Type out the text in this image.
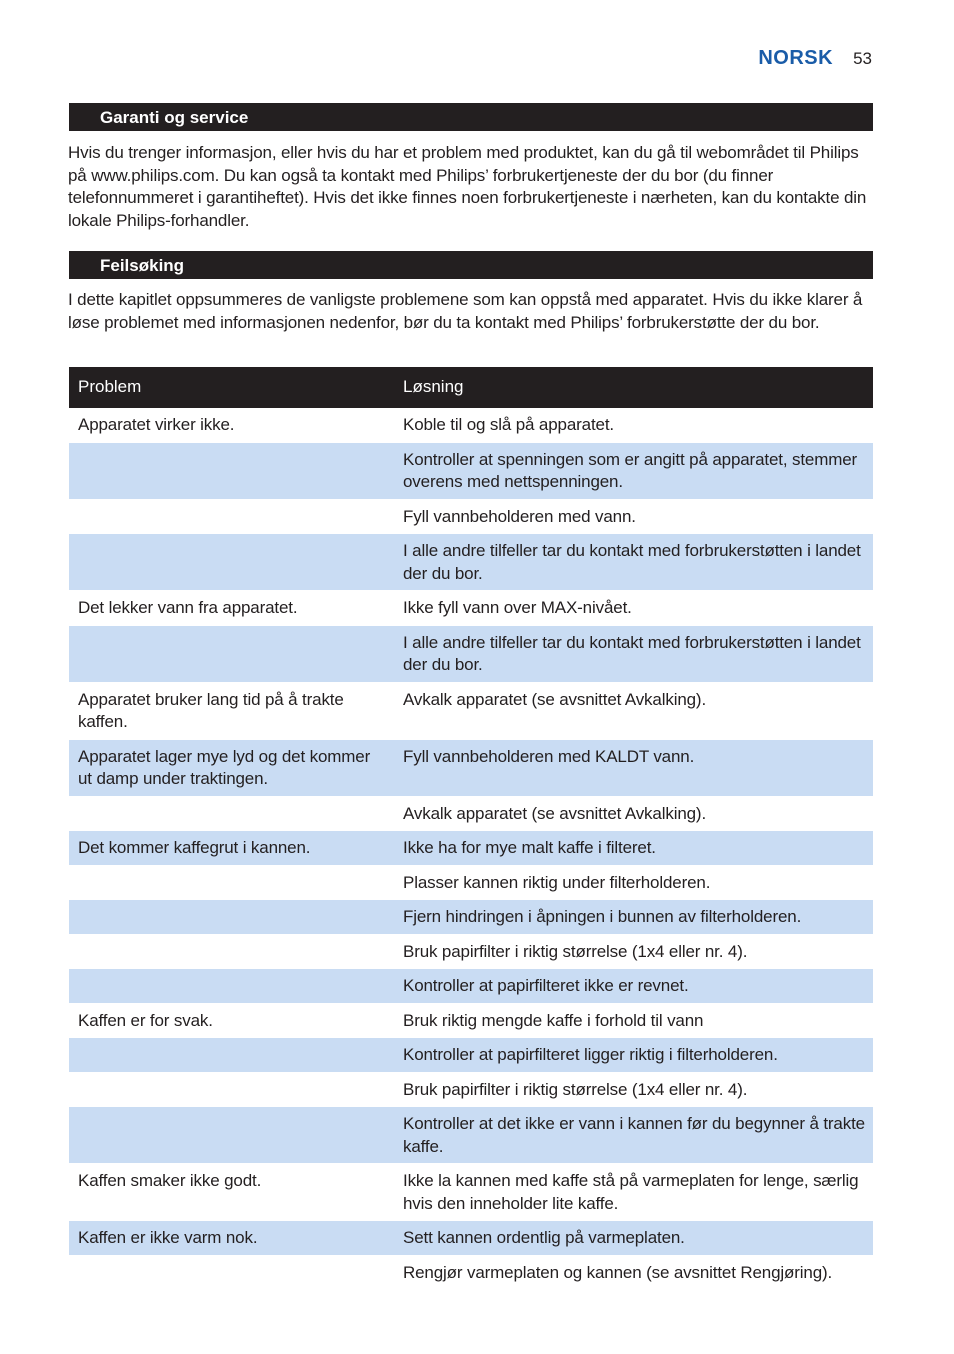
NORSK 53
Garanti og service

Hvis du trenger informasjon, eller hvis du har et problem med produktet, kan du gå til webområdet til Philips på www.philips.com. Du kan også ta kontakt med Philips’ forbrukertjeneste der du bor (du finner telefonnummeret i garantiheftet). Hvis det ikke finnes noen forbrukertjeneste i nærheten, kan du kontakte din lokale Philips-forhandler.

Feilsøking

I dette kapitlet oppsummeres de vanligste problemene som kan oppstå med apparatet. Hvis du ikke klarer å løse problemet med informasjonen nedenfor, bør du ta kontakt med Philips’ forbrukerstøtte der du bor.

Problem	Løsning
Apparatet virker ikke.	Koble til og slå på apparatet.
	Kontroller at spenningen som er angitt på apparatet, stemmer overens med nettspenningen.
	Fyll vannbeholderen med vann.
	I alle andre tilfeller tar du kontakt med forbrukerstøtten i landet der du bor.
Det lekker vann fra apparatet.	Ikke fyll vann over MAX-nivået.
	I alle andre tilfeller tar du kontakt med forbrukerstøtten i landet der du bor.
Apparatet bruker lang tid på å trakte kaffen.	Avkalk apparatet (se avsnittet Avkalking).
Apparatet lager mye lyd og det kommer ut damp under traktingen.	Fyll vannbeholderen med KALDT vann.
	Avkalk apparatet (se avsnittet Avkalking).
Det kommer kaffegrut i kannen.	Ikke ha for mye malt kaffe i filteret.
	Plasser kannen riktig under filterholderen.
	Fjern hindringen i åpningen i bunnen av filterholderen.
	Bruk papirfilter i riktig størrelse (1x4 eller nr. 4).
	Kontroller at papirfilteret ikke er revnet.
Kaffen er for svak.	Bruk riktig mengde kaffe i forhold til vann
	Kontroller at papirfilteret ligger riktig i filterholderen.
	Bruk papirfilter i riktig størrelse (1x4 eller nr. 4).
	Kontroller at det ikke er vann i kannen før du begynner å trakte kaffe.
Kaffen smaker ikke godt.	Ikke la kannen med kaffe stå på varmeplaten for lenge, særlig hvis den inneholder lite kaffe.
Kaffen er ikke varm nok.	Sett kannen ordentlig på varmeplaten.
	Rengjør varmeplaten og kannen (se avsnittet Rengjøring).
